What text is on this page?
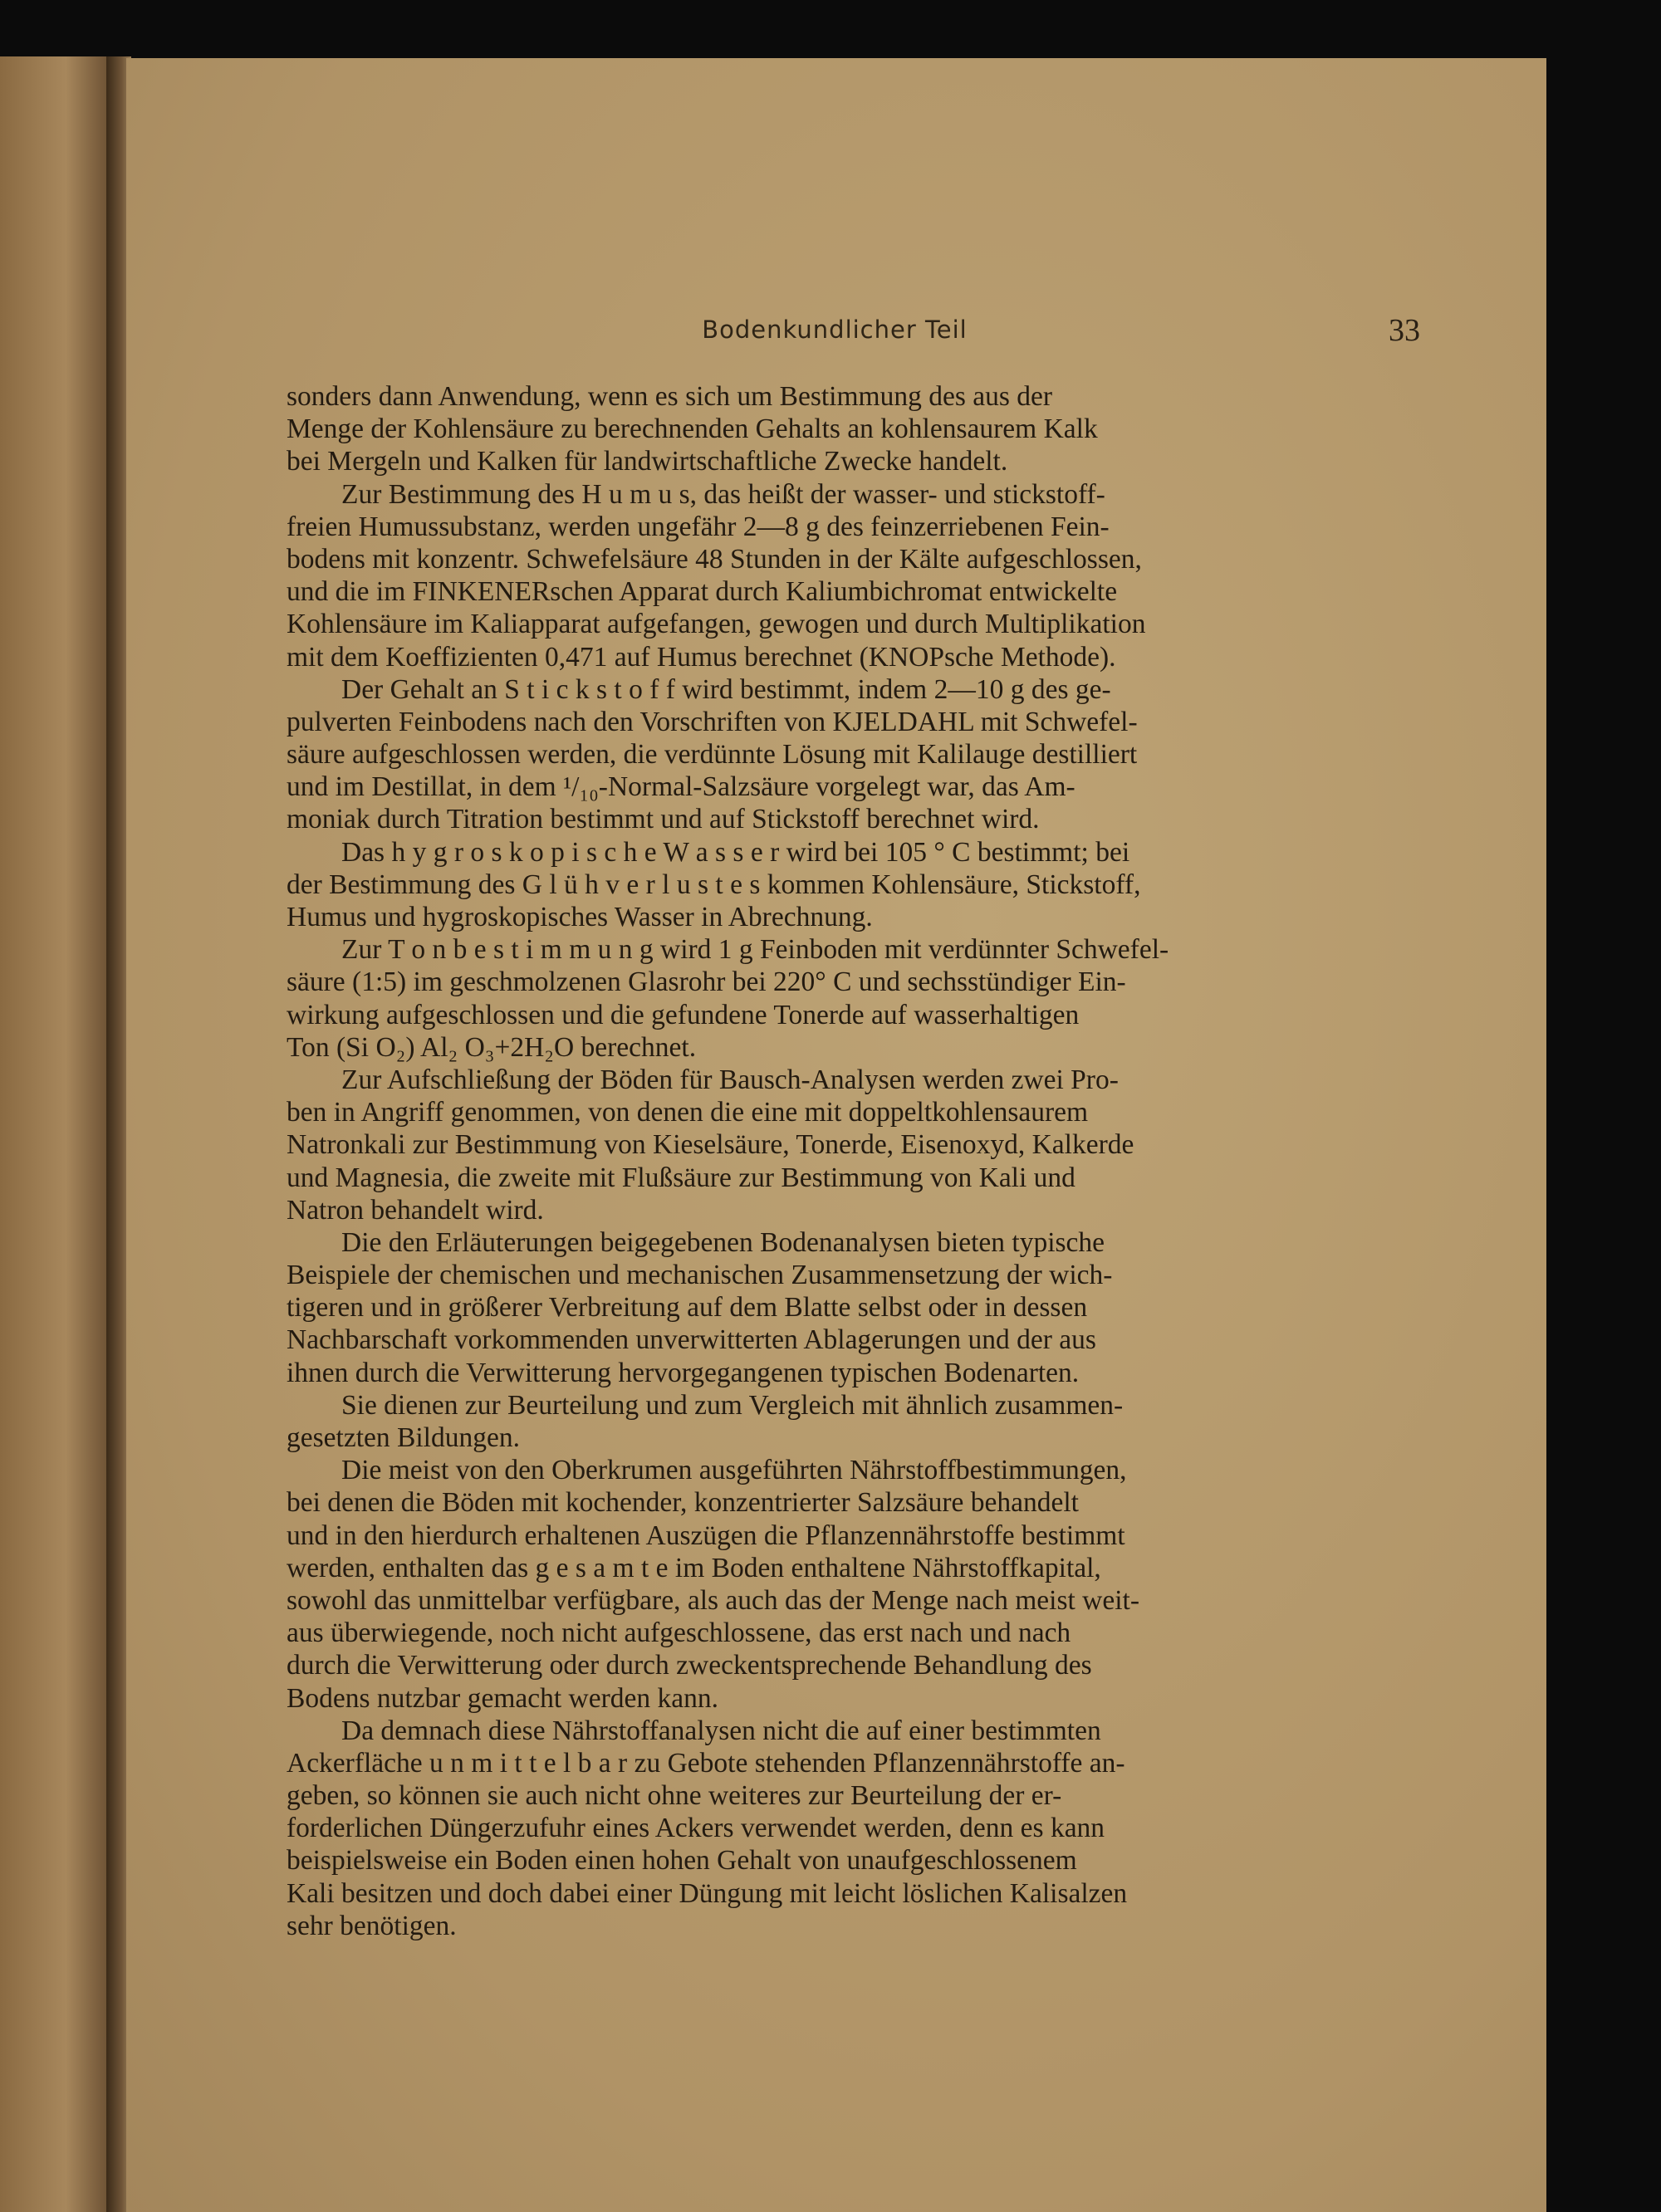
Bodenkundlicher Teil	33
sonders dann Anwendung, wenn es sich um Bestimmung des aus der
Menge der Kohlensäure zu berechnenden Gehalts an kohlensaurem Kalk
bei Mergeln und Kalken für landwirtschaftliche Zwecke handelt.
Zur Bestimmung des H u m u s, das heißt der wasser- und stickstoff-
freien Humussubstanz, werden ungefähr 2—8 g des feinzerriebenen Fein-
bodens mit konzentr. Schwefelsäure 48 Stunden in der Kälte aufgeschlossen,
und die im FINKENERschen Apparat durch Kaliumbichromat entwickelte
Kohlensäure im Kaliapparat aufgefangen, gewogen und durch Multiplikation
mit dem Koeffizienten 0,471 auf Humus berechnet (KNOPsche Methode).
Der Gehalt an S t i c k s t o f f wird bestimmt, indem 2—10 g des ge-
pulverten Feinbodens nach den Vorschriften von KJELDAHL mit Schwefel-
säure aufgeschlossen werden, die verdünnte Lösung mit Kalilauge destilliert
und im Destillat, in dem ¹/₁₀-Normal-Salzsäure vorgelegt war, das Am-
moniak durch Titration bestimmt und auf Stickstoff berechnet wird.
Das h y g r o s k o p i s c h e W a s s e r wird bei 105 ° C bestimmt; bei
der Bestimmung des G l ü h v e r l u s t e s kommen Kohlensäure, Stickstoff,
Humus und hygroskopisches Wasser in Abrechnung.
Zur T o n b e s t i m m u n g wird 1 g Feinboden mit verdünnter Schwefel-
säure (1:5) im geschmolzenen Glasrohr bei 220° C und sechsstündiger Ein-
wirkung aufgeschlossen und die gefundene Tonerde auf wasserhaltigen
Ton (Si O₂) Al₂ O₃+2H₂O berechnet.
Zur Aufschließung der Böden für Bausch-Analysen werden zwei Pro-
ben in Angriff genommen, von denen die eine mit doppeltkohlensaurem
Natronkali zur Bestimmung von Kieselsäure, Tonerde, Eisenoxyd, Kalkerde
und Magnesia, die zweite mit Flußsäure zur Bestimmung von Kali und
Natron behandelt wird.
Die den Erläuterungen beigegebenen Bodenanalysen bieten typische
Beispiele der chemischen und mechanischen Zusammensetzung der wich-
tigeren und in größerer Verbreitung auf dem Blatte selbst oder in dessen
Nachbarschaft vorkommenden unverwitterten Ablagerungen und der aus
ihnen durch die Verwitterung hervorgegangenen typischen Bodenarten.
Sie dienen zur Beurteilung und zum Vergleich mit ähnlich zusammen-
gesetzten Bildungen.
Die meist von den Oberkrumen ausgeführten Nährstoffbestimmungen,
bei denen die Böden mit kochender, konzentrierter Salzsäure behandelt
und in den hierdurch erhaltenen Auszügen die Pflanzennährstoffe bestimmt
werden, enthalten das g e s a m t e im Boden enthaltene Nährstoffkapital,
sowohl das unmittelbar verfügbare, als auch das der Menge nach meist weit-
aus überwiegende, noch nicht aufgeschlossene, das erst nach und nach
durch die Verwitterung oder durch zweckentsprechende Behandlung des
Bodens nutzbar gemacht werden kann.
Da demnach diese Nährstoffanalysen nicht die auf einer bestimmten
Ackerfläche u n m i t t e l b a r zu Gebote stehenden Pflanzennährstoffe an-
geben, so können sie auch nicht ohne weiteres zur Beurteilung der er-
forderlichen Düngerzufuhr eines Ackers verwendet werden, denn es kann
beispielsweise ein Boden einen hohen Gehalt von unaufgeschlossenem
Kali besitzen und doch dabei einer Düngung mit leicht löslichen Kalisalzen
sehr benötigen.
